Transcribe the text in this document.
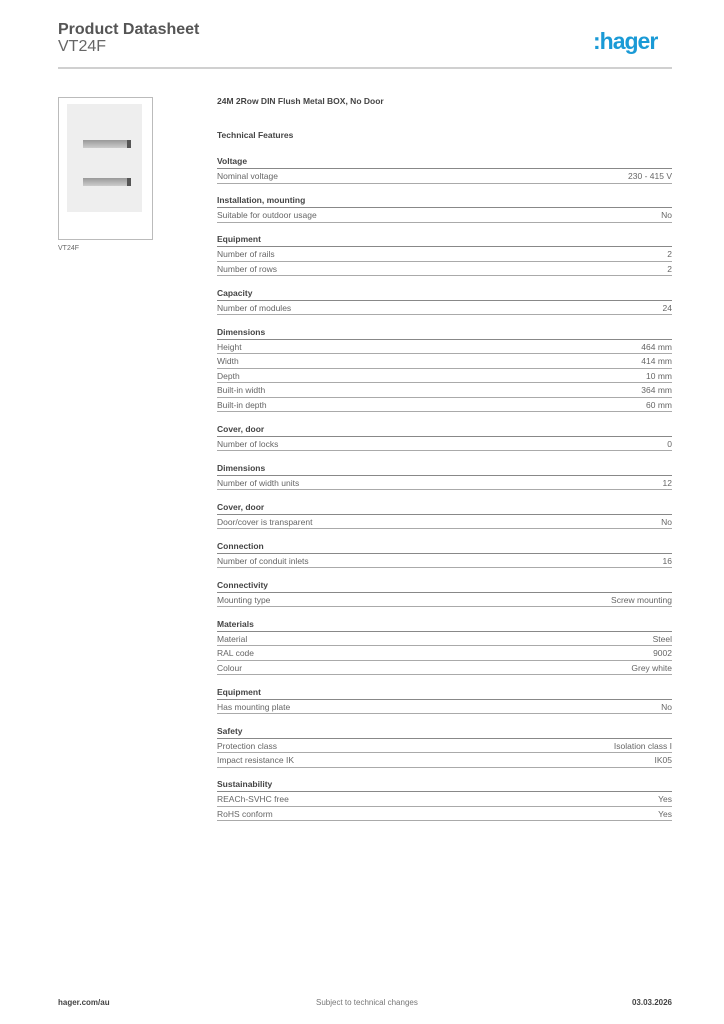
Product Datasheet
VT24F	:hager
VT24F
24M 2Row DIN Flush Metal BOX, No Door
Technical Features
Voltage
Nominal voltage	230 - 415 V
Installation, mounting
Suitable for outdoor usage	No
Equipment
Number of rails	2
Number of rows	2
Capacity
Number of modules	24
Dimensions
Height	464 mm
Width	414 mm
Depth	10 mm
Built-in width	364 mm
Built-in depth	60 mm
Cover, door
Number of locks	0
Dimensions
Number of width units	12
Cover, door
Door/cover is transparent	No
Connection
Number of conduit inlets	16
Connectivity
Mounting type	Screw mounting
Materials
Material	Steel
RAL code	9002
Colour	Grey white
Equipment
Has mounting plate	No
Safety
Protection class	Isolation class I
Impact resistance IK	IK05
Sustainability
REACh-SVHC free	Yes
RoHS conform	Yes
hager.com/au	Subject to technical changes	03.03.2026
